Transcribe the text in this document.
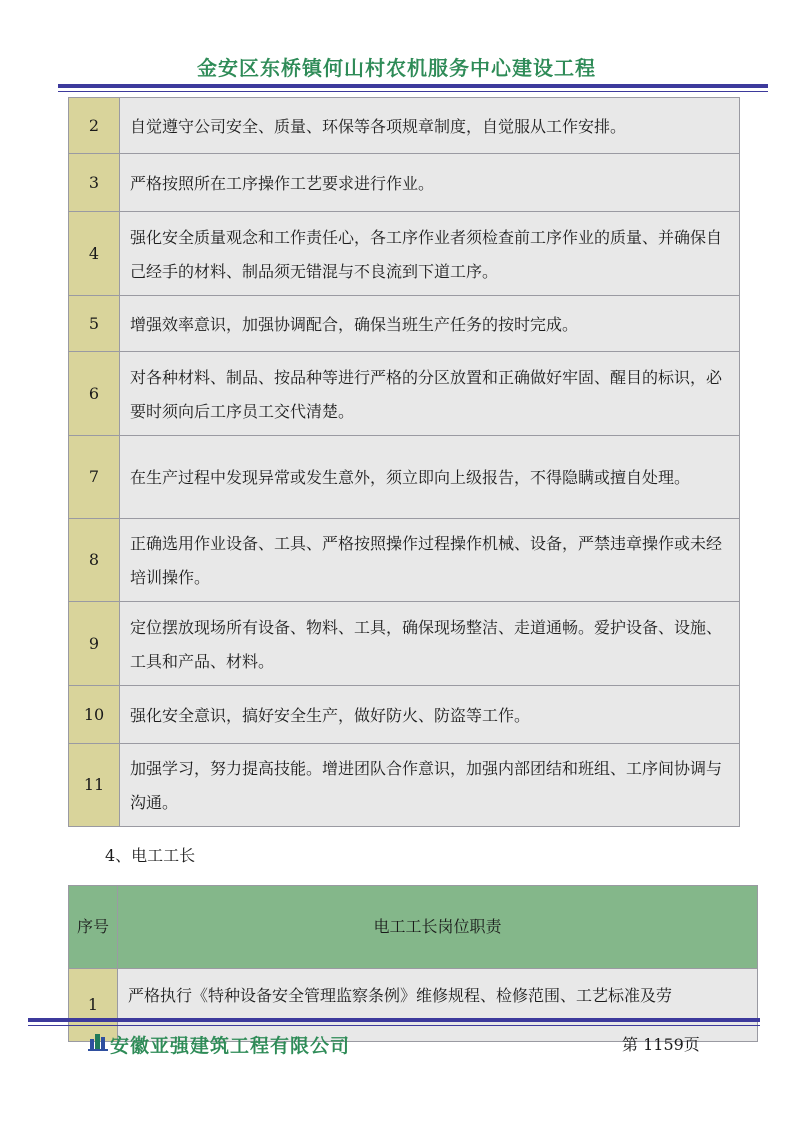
金安区东桥镇何山村农机服务中心建设工程
2	自觉遵守公司安全、质量、环保等各项规章制度，自觉服从工作安排。
3	严格按照所在工序操作工艺要求进行作业。
4	强化安全质量观念和工作责任心，各工序作业者须检查前工序作业的质量、并确保自己经手的材料、制品须无错混与不良流到下道工序。
5	增强效率意识，加强协调配合，确保当班生产任务的按时完成。
6	对各种材料、制品、按品种等进行严格的分区放置和正确做好牢固、醒目的标识，必要时须向后工序员工交代清楚。
7	在生产过程中发现异常或发生意外，须立即向上级报告，不得隐瞒或擅自处理。
8	正确选用作业设备、工具、严格按照操作过程操作机械、设备，严禁违章操作或未经培训操作。
9	定位摆放现场所有设备、物料、工具，确保现场整洁、走道通畅。爱护设备、设施、工具和产品、材料。
10	强化安全意识，搞好安全生产，做好防火、防盗等工作。
11	加强学习，努力提高技能。增进团队合作意识，加强内部团结和班组、工序间协调与沟通。
4、电工工长
序号	电工工长岗位职责
1	严格执行《特种设备安全管理监察条例》维修规程、检修范围、工艺标准及劳
安徽亚强建筑工程有限公司	第 1159页
